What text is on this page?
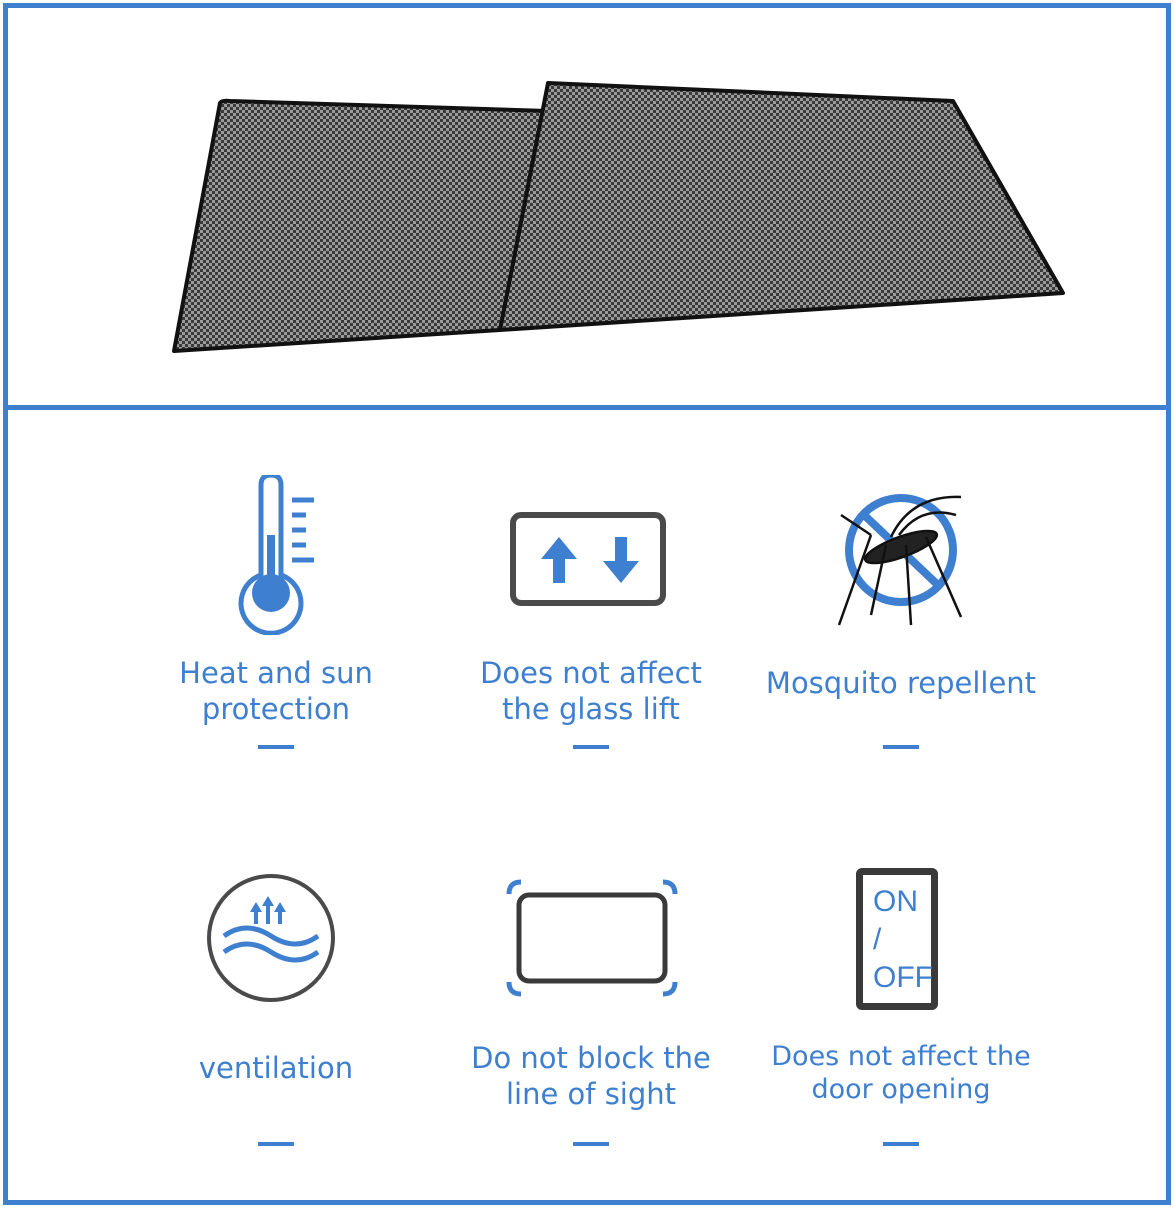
Heat and sun
protection
Does not affect
the glass lift
Mosquito repellent
ventilation	Do not block the
line of sight
ON
/
OFF
Does not affect the
door opening
